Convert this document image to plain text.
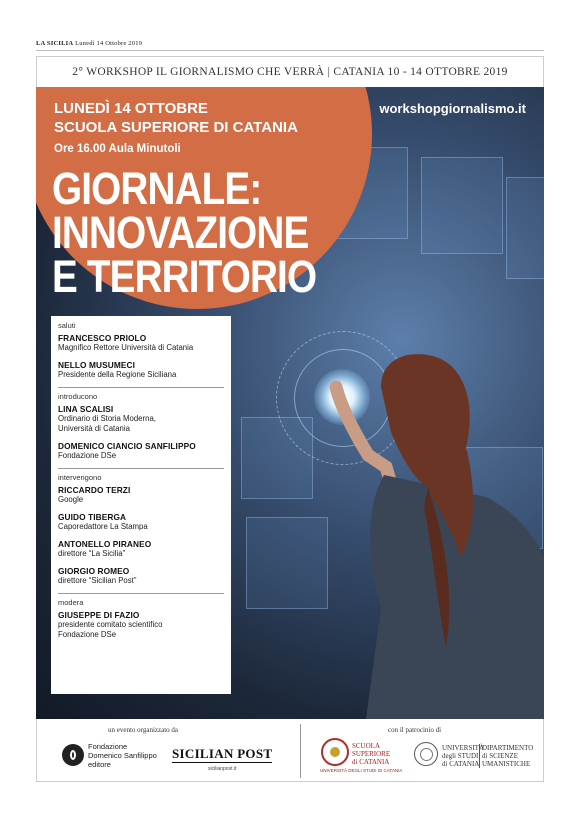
LA SICILIA Lunedì 14 Ottobre 2019
2° WORKSHOP IL GIORNALISMO CHE VERRÀ | CATANIA 10 - 14 OTTOBRE 2019
LUNEDÌ 14 OTTOBRE
SCUOLA SUPERIORE DI CATANIA
Ore 16.00 Aula Minutoli
workshopgiornalismo.it
GIORNALE:
INNOVAZIONE
E TERRITORIO
saluti
FRANCESCO PRIOLO
Magnifico Rettore Università di Catania
NELLO MUSUMECI
Presidente della Regione Siciliana
introducono
LINA SCALISI
Ordinario di Storia Moderna,
Università di Catania
DOMENICO CIANCIO SANFILIPPO
Fondazione DSe
intervengono
RICCARDO TERZI
Google
GUIDO TIBERGA
Caporedattore La Stampa
ANTONELLO PIRANEO
direttore “La Sicilia”
GIORGIO ROMEO
direttore “Sicilian Post”
modera
GIUSEPPE DI FAZIO
presidente comitato scientifico
Fondazione DSe
un evento organizzato da	con il patrocinio di
Fondazione
Domenico Sanfilippo
editore
SICILIAN POST
sicilianpost.it
SCUOLA
SUPERIORE
di CATANIA
UNIVERSITÀ DEGLI STUDI DI CATANIA
UNIVERSITÀ
degli STUDI
di CATANIA
DIPARTIMENTO
di SCIENZE
UMANISTICHE
